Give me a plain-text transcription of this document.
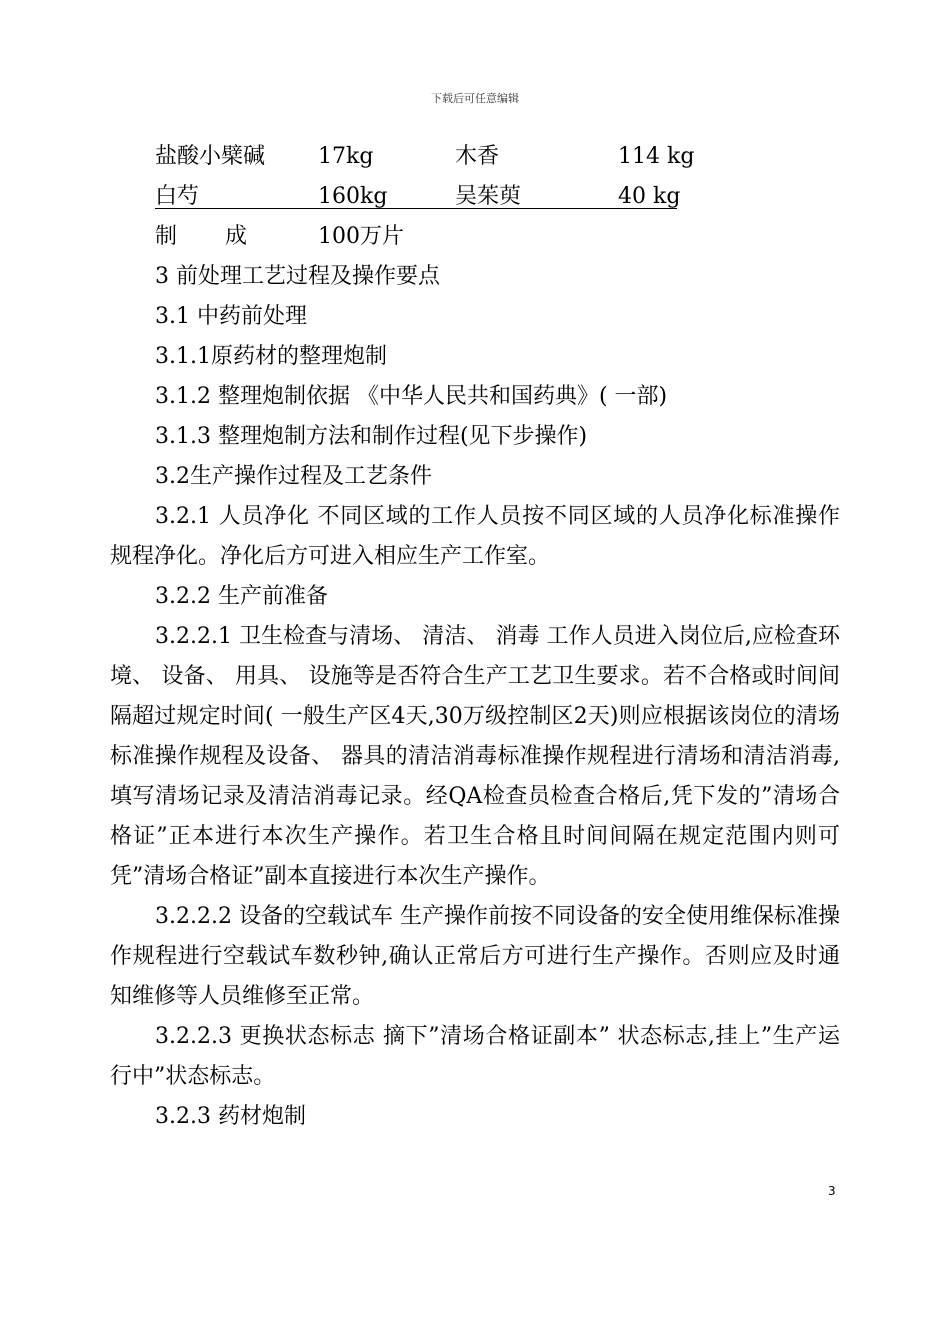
下载后可任意编辑
盐酸小檗碱 17kg	木香	114 kg
白芍	160kg	吴茱萸	40 kg
制 成	100万片
3 前处理工艺过程及操作要点
3.1 中药前处理
3.1.1原药材的整理炮制
3.1.2 整理炮制依据 《中华人民共和国药典》( 一部)
3.1.3 整理炮制方法和制作过程(见下步操作)
3.2生产操作过程及工艺条件
3.2.1 人员净化 不同区域的工作人员按不同区域的人员净化标准操作规程净化。净化后方可进入相应生产工作室。
3.2.2 生产前准备
3.2.2.1 卫生检查与清场、 清洁、 消毒 工作人员进入岗位后,应检查环境、 设备、 用具、 设施等是否符合生产工艺卫生要求。若不合格或时间间隔超过规定时间( 一般生产区4天,30万级控制区2天)则应根据该岗位的清场标准操作规程及设备、 器具的清洁消毒标准操作规程进行清场和清洁消毒,填写清场记录及清洁消毒记录。经QA检查员检查合格后,凭下发的”清场合格证”正本进行本次生产操作。若卫生合格且时间间隔在规定范围内则可凭”清场合格证”副本直接进行本次生产操作。
3.2.2.2 设备的空载试车 生产操作前按不同设备的安全使用维保标准操作规程进行空载试车数秒钟,确认正常后方可进行生产操作。否则应及时通知维修等人员维修至正常。
3.2.2.3 更换状态标志 摘下”清场合格证副本” 状态标志,挂上”生产运行中”状态标志。
3.2.3 药材炮制
3
